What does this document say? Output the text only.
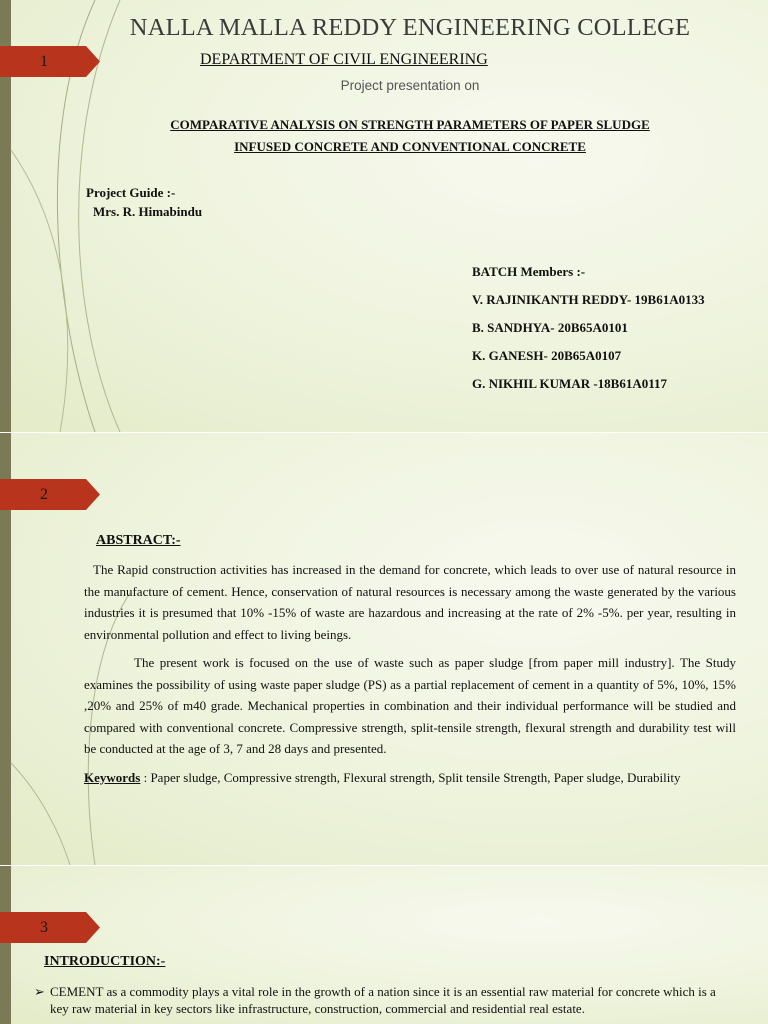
1
NALLA MALLA REDDY ENGINEERING COLLEGE
DEPARTMENT OF CIVIL ENGINEERING
Project presentation on
COMPARATIVE ANALYSIS ON STRENGTH PARAMETERS OF PAPER SLUDGE
INFUSED CONCRETE AND CONVENTIONAL CONCRETE
Project Guide :-
Mrs. R. Himabindu
BATCH Members :-
V. RAJINIKANTH REDDY- 19B61A0133
B. SANDHYA- 20B65A0101
K. GANESH- 20B65A0107
G. NIKHIL KUMAR -18B61A0117
2
ABSTRACT:-

The Rapid construction activities has increased in the demand for concrete, which leads to over use of natural resource in the manufacture of cement. Hence, conservation of natural resources is necessary among the waste generated by the various industries it is presumed that 10% -15% of waste are hazardous and increasing at the rate of 2% -5%. per year, resulting in environmental pollution and effect to living beings.

The present work is focused on the use of waste such as paper sludge [from paper mill industry]. The Study examines the possibility of using waste paper sludge (PS) as a partial replacement of cement in a quantity of 5%, 10%, 15% ,20% and 25% of m40 grade. Mechanical properties in combination and their individual performance will be studied and compared with conventional concrete. Compressive strength, split-tensile strength, flexural strength and durability test will be conducted at the age of 3, 7 and 28 days and presented.

Keywords : Paper sludge, Compressive strength, Flexural strength, Split tensile Strength, Paper sludge, Durability

3
INTRODUCTION:-
➢ CEMENT as a commodity plays a vital role in the growth of a nation since it is an essential raw material for concrete which is a key raw material in key sectors like infrastructure, construction, commercial and residential real estate.
